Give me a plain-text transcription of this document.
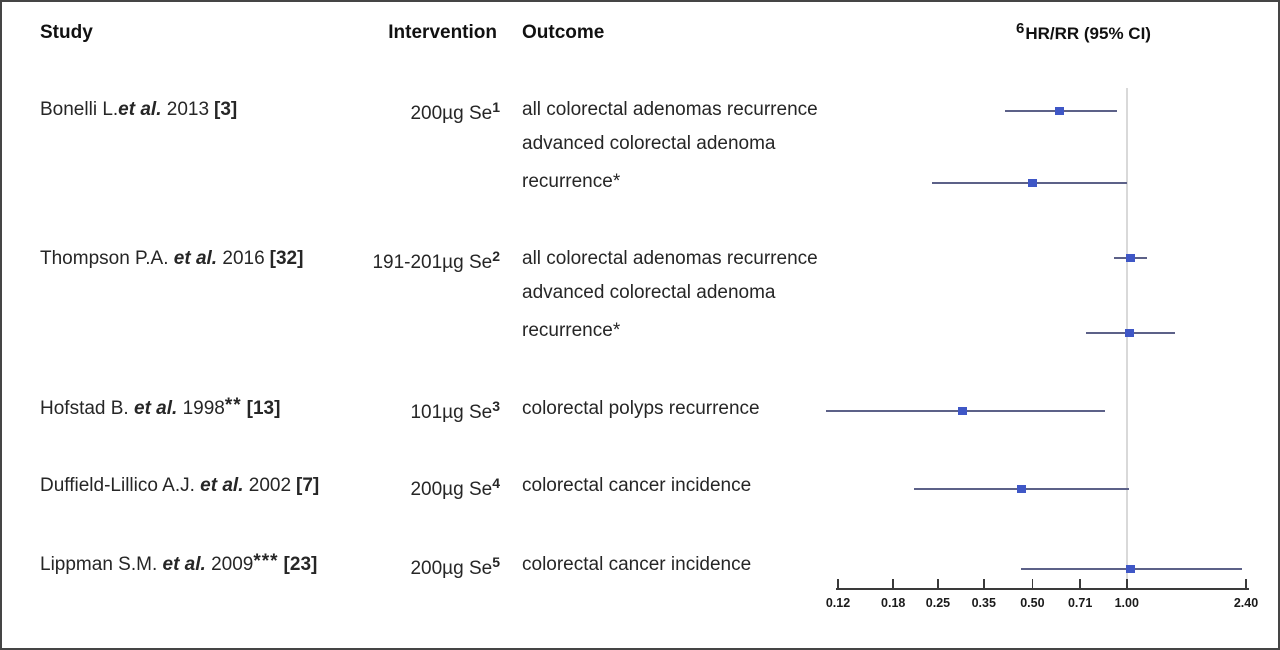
Study	Intervention Outcome	6HR/RR (95% CI)
Bonelli L.et al. 2013 [3]	200µg Se$^1$ all colorectal adenomas recurrence
advanced colorectal adenoma
recurrence*
Thompson P.A. et al. 2016 [32]	191-201µg Se$^2$ all colorectal adenomas recurrence
advanced colorectal adenoma
recurrence*
Hofstad B. et al. 1998** [13]	101µg Se$^3$ colorectal polyps recurrence
Duffield-Lillico A.J. et al. 2002 [7]	200µg Se$^4$ colorectal cancer incidence
Lippman S.M. et al. 2009*** [23]	200µg Se$^5$ colorectal cancer incidence
0.12	0.18	0.25	0.35	0.50	0.71	1.00	2.40
